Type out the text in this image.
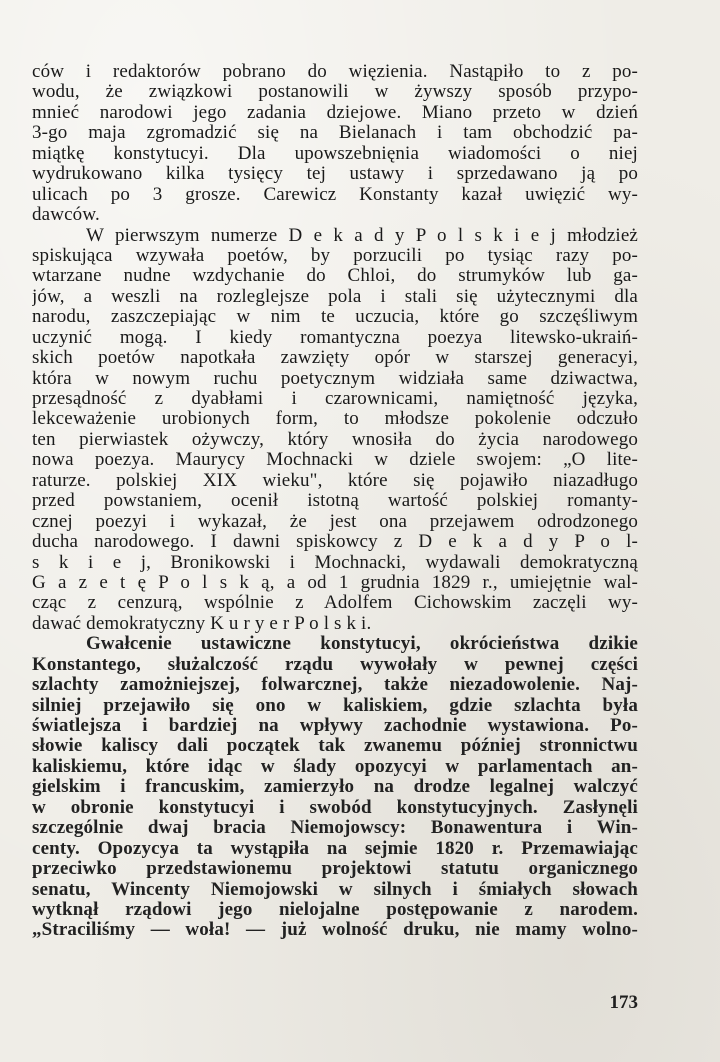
ców i redaktorów pobrano do więzienia. Nastąpiło to z po-
wodu, że związkowi postanowili w żywszy sposób przypo-
mnieć narodowi jego zadania dziejowe. Miano przeto w dzień
3-go maja zgromadzić się na Bielanach i tam obchodzić pa-
miątkę konstytucyi. Dla upowszebnięnia wiadomości o niej
wydrukowano kilka tysięcy tej ustawy i sprzedawano ją po
ulicach po 3 grosze. Carewicz Konstanty kazał uwięzić wy-
dawców.
W pierwszym numerze D e k a d y P o l s k i e j młodzież
spiskująca wzywała poetów, by porzucili po tysiąc razy po-
wtarzane nudne wzdychanie do Chloi, do strumyków lub ga-
jów, a weszli na rozleglejsze pola i stali się użytecznymi dla
narodu, zaszczepiając w nim te uczucia, które go szczęśliwym
uczynić mogą. I kiedy romantyczna poezya litewsko-ukraiń-
skich poetów napotkała zawzięty opór w starszej generacyi,
która w nowym ruchu poetycznym widziała same dziwactwa,
przesądność z dyabłami i czarownicami, namiętność języka,
lekceważenie urobionych form, to młodsze pokolenie odczuło
ten pierwiastek ożywczy, który wnosiła do życia narodowego
nowa poezya. Maurycy Mochnacki w dziele swojem: „O lite-
raturze. polskiej XIX wieku", które się pojawiło niazadługo
przed powstaniem, ocenił istotną wartość polskiej romanty-
cznej poezyi i wykazał, że jest ona przejawem odrodzonego
ducha narodowego. I dawni spiskowcy z D e k a d y P o l-
s k i e j, Bronikowski i Mochnacki, wydawali demokratyczną
G a z e t ę P o l s k ą, a od 1 grudnia 1829 r., umiejętnie wal-
cząc z cenzurą, wspólnie z Adolfem Cichowskim zaczęli wy-
dawać demokratyczny K u r y e r P o l s k i.
Gwałcenie ustawiczne konstytucyi, okrócieństwa dzikie
Konstantego, służalczość rządu wywołały w pewnej części
szlachty zamożniejszej, folwarcznej, także niezadowolenie. Naj-
silniej przejawiło się ono w kaliskiem, gdzie szlachta była
światlejsza i bardziej na wpływy zachodnie wystawiona. Po-
słowie kaliscy dali początek tak zwanemu później stronnictwu
kaliskiemu, które idąc w ślady opozycyi w parlamentach an-
gielskim i francuskim, zamierzyło na drodze legalnej walczyć
w obronie konstytucyi i swobód konstytucyjnych. Zasłynęli
szczególnie dwaj bracia Niemojowscy: Bonawentura i Win-
centy. Opozycya ta wystąpiła na sejmie 1820 r. Przemawiając
przeciwko przedstawionemu projektowi statutu organicznego
senatu, Wincenty Niemojowski w silnych i śmiałych słowach
wytknął rządowi jego nielojalne postępowanie z narodem.
„Straciliśmy — woła! — już wolność druku, nie mamy wolno-
173
